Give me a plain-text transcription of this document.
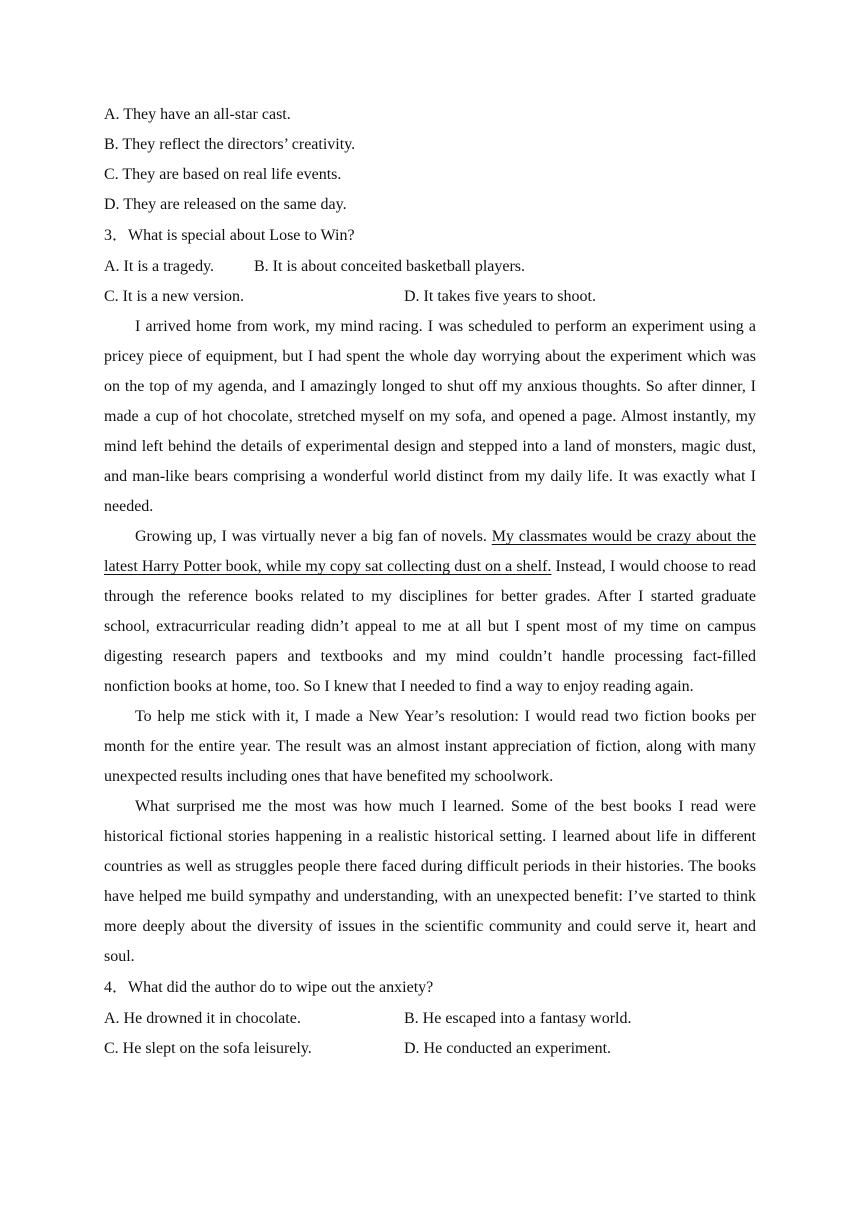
A. They have an all-star cast.
B. They reflect the directors’ creativity.
C. They are based on real life events.
D. They are released on the same day.
3．What is special about Lose to Win?
A. It is a tragedy.	B. It is about conceited basketball players.
C. It is a new version.	D. It takes five years to shoot.

I arrived home from work, my mind racing. I was scheduled to perform an experiment using a pricey piece of equipment, but I had spent the whole day worrying about the experiment which was on the top of my agenda, and I amazingly longed to shut off my anxious thoughts. So after dinner, I made a cup of hot chocolate, stretched myself on my sofa, and opened a page. Almost instantly, my mind left behind the details of experimental design and stepped into a land of monsters, magic dust, and man-like bears comprising a wonderful world distinct from my daily life. It was exactly what I needed.

Growing up, I was virtually never a big fan of novels. My classmates would be crazy about the latest Harry Potter book, while my copy sat collecting dust on a shelf. Instead, I would choose to read through the reference books related to my disciplines for better grades. After I started graduate school, extracurricular reading didn’t appeal to me at all but I spent most of my time on campus digesting research papers and textbooks and my mind couldn’t handle processing fact-filled nonfiction books at home, too. So I knew that I needed to find a way to enjoy reading again.

To help me stick with it, I made a New Year’s resolution: I would read two fiction books per month for the entire year. The result was an almost instant appreciation of fiction, along with many unexpected results including ones that have benefited my schoolwork.

What surprised me the most was how much I learned. Some of the best books I read were historical fictional stories happening in a realistic historical setting. I learned about life in different countries as well as struggles people there faced during difficult periods in their histories. The books have helped me build sympathy and understanding, with an unexpected benefit: I’ve started to think more deeply about the diversity of issues in the scientific community and could serve it, heart and soul.

4．What did the author do to wipe out the anxiety?
A. He drowned it in chocolate.	B. He escaped into a fantasy world.
C. He slept on the sofa leisurely.	D. He conducted an experiment.
